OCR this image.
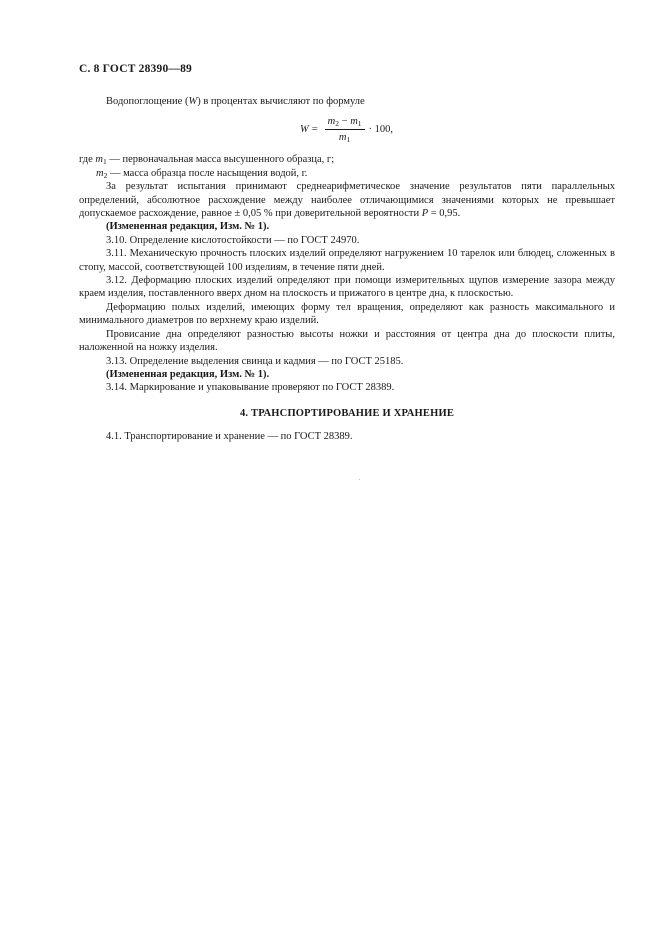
С. 8 ГОСТ 28390—89

Водопоглощение (W) в процентах вычисляют по формуле

$W = \frac{m_2 - m_1}{m_1} \cdot 100$,

где $m_1$ — первоначальная масса высушенного образца, г;

$m_2$ — масса образца после насыщения водой, г.

За результат испытания принимают среднеарифметическое значение результатов пяти параллельных определений, абсолютное расхождение между наиболее отличающимися значениями которых не превышает допускаемое расхождение, равное ± 0,05 % при доверительной вероятности P = 0,95.

(Измененная редакция, Изм. № 1).

3.10. Определение кислотостойкости — по ГОСТ 24970.

3.11. Механическую прочность плоских изделий определяют нагружением 10 тарелок или блюдец, сложенных в стопу, массой, соответствующей 100 изделиям, в течение пяти дней.

3.12. Деформацию плоских изделий определяют при помощи измерительных щупов измерение зазора между краем изделия, поставленного вверх дном на плоскость и прижатого в центре дна, к плоскостью.

Деформацию полых изделий, имеющих форму тел вращения, определяют как разность максимального и минимального диаметров по верхнему краю изделий.

Провисание дна определяют разностью высоты ножки и расстояния от центра дна до плоскости плиты, наложенной на ножку изделия.

3.13. Определение выделения свинца и кадмия — по ГОСТ 25185.

(Измененная редакция, Изм. № 1).

3.14. Маркирование и упаковывание проверяют по ГОСТ 28389.

4. ТРАНСПОРТИРОВАНИЕ И ХРАНЕНИЕ

4.1. Транспортирование и хранение — по ГОСТ 28389.
